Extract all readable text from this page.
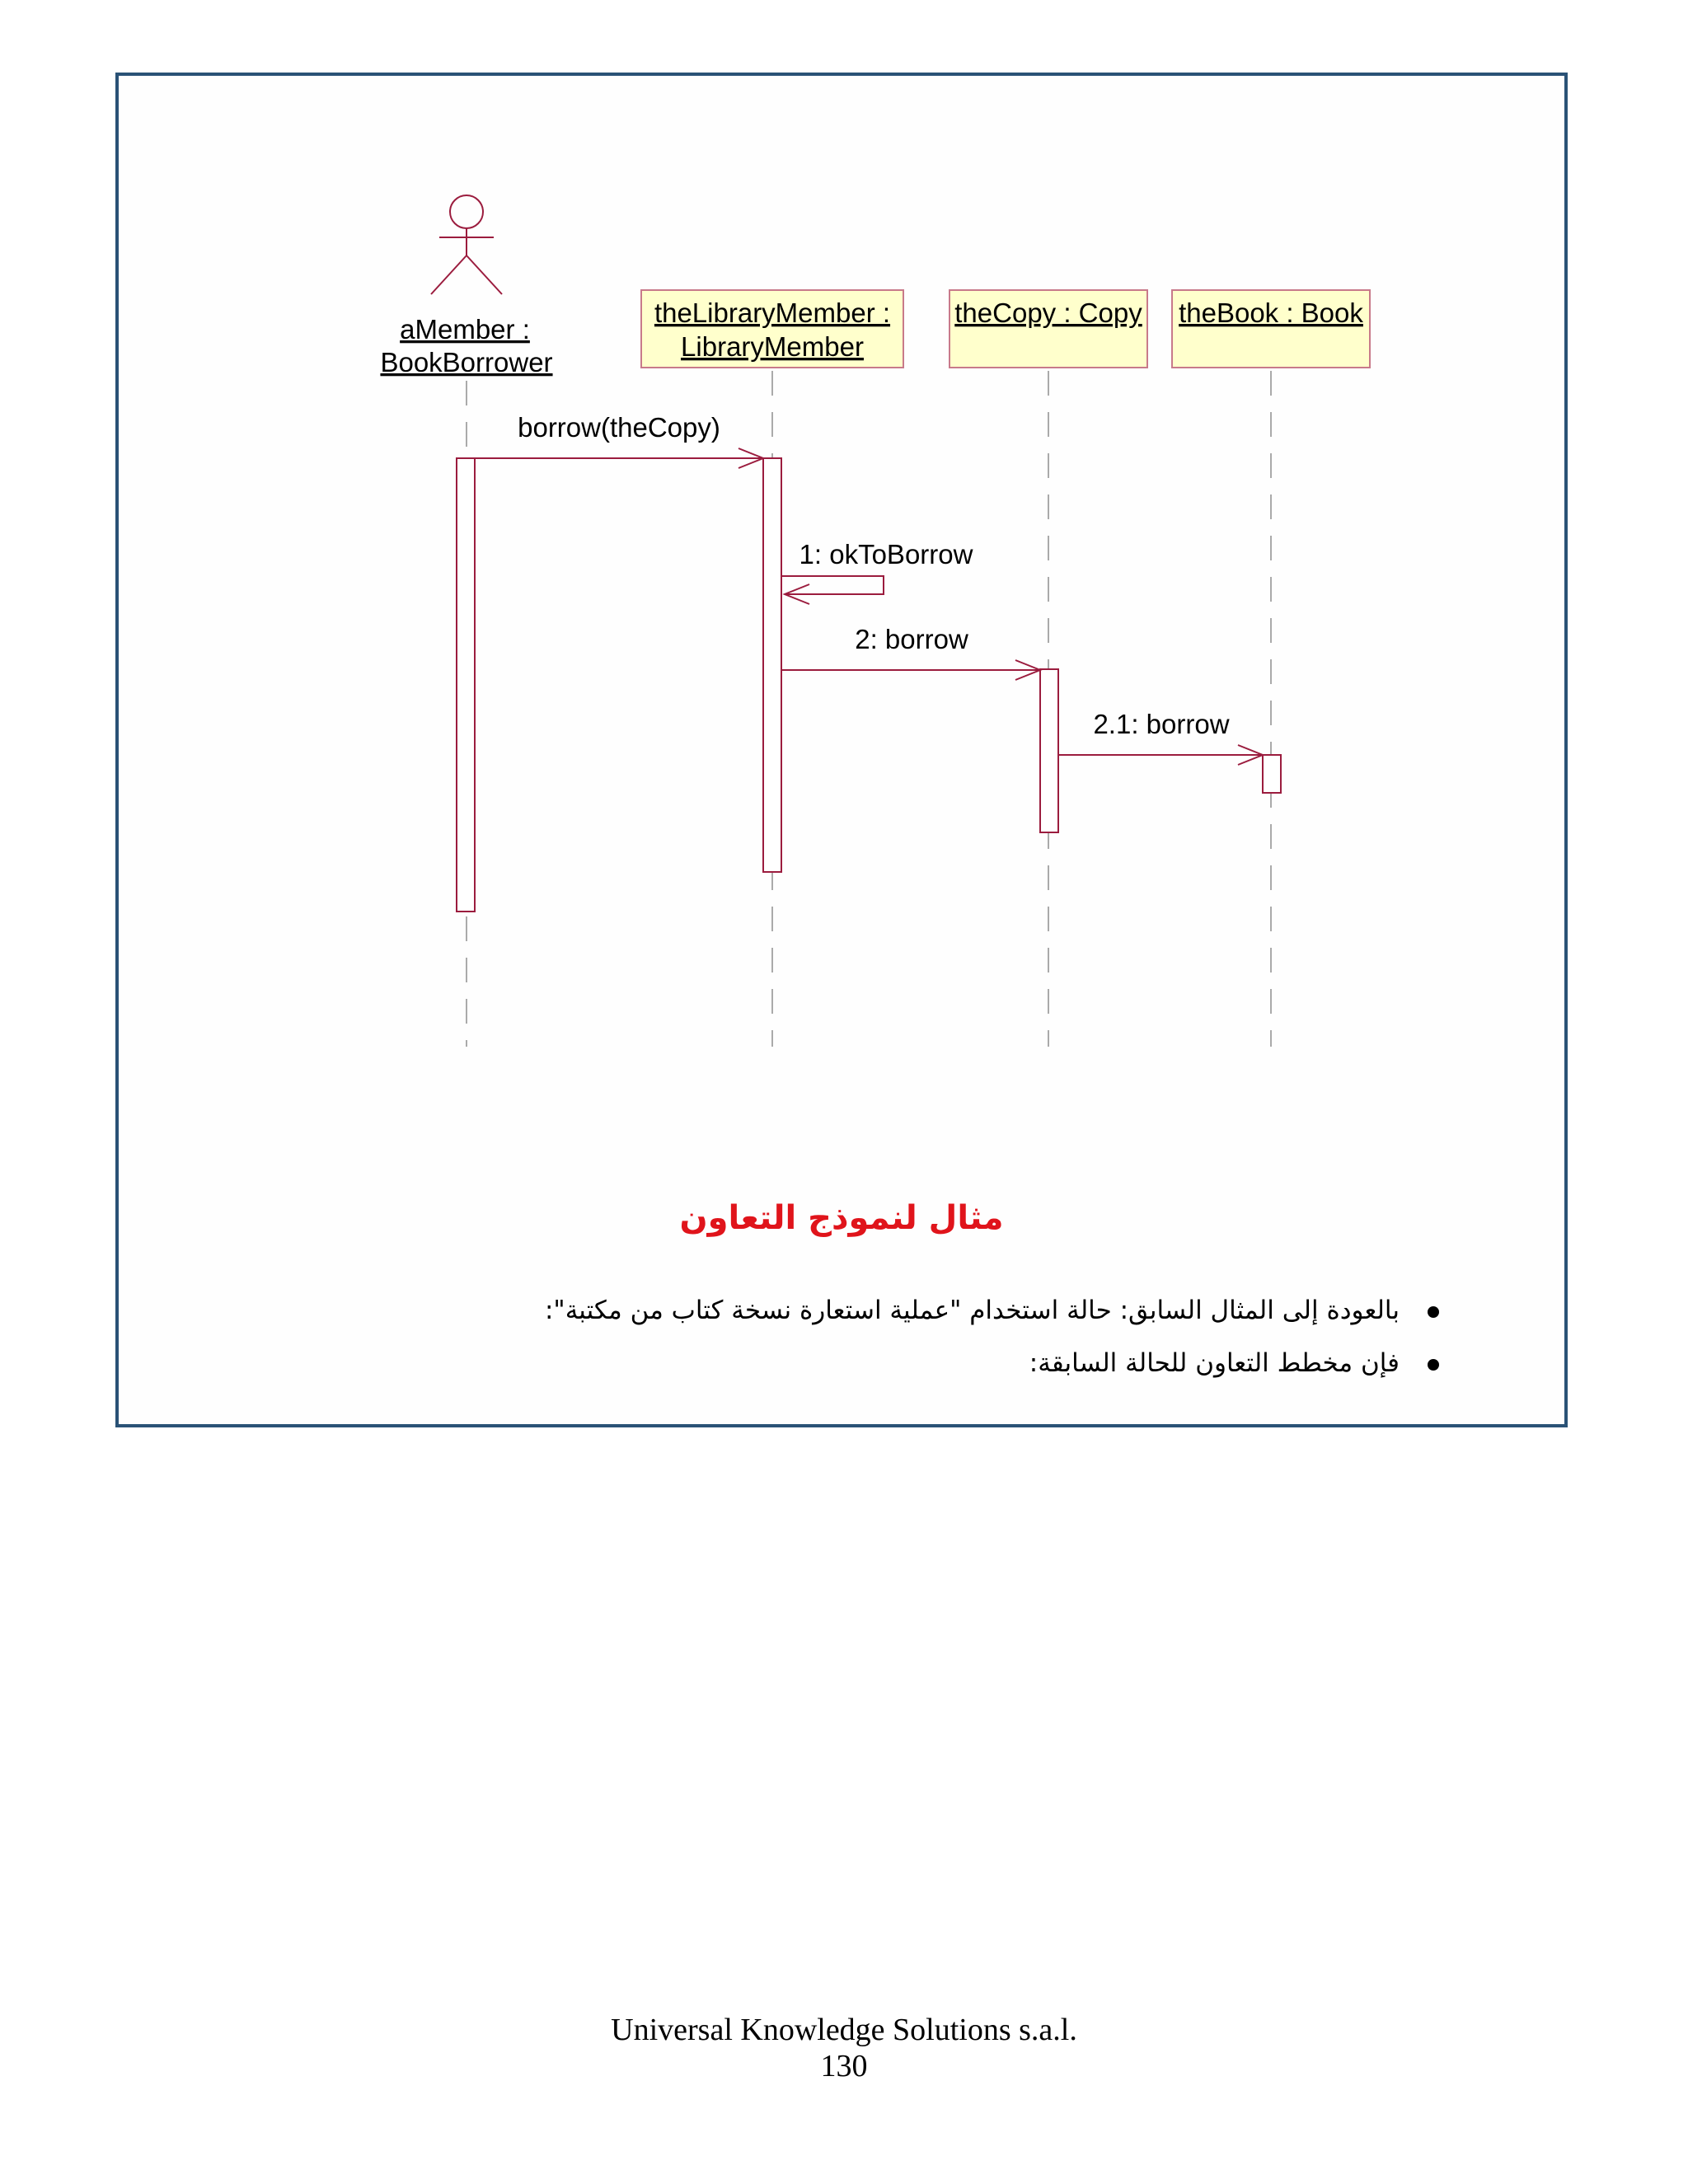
aMember :
BookBorrower
theLibraryMember :
LibraryMember
theCopy : Copy theBook : Book
borrow(theCopy)
1: okToBorrow
2: borrow
2.1: borrow
مثال لنموذج التعاون
بالعودة إلى المثال السابق: حالة استخدام "عملية استعارة نسخة كتاب من مكتبة":
فإن مخطط التعاون للحالة السابقة:
Universal Knowledge Solutions s.a.l.
130
